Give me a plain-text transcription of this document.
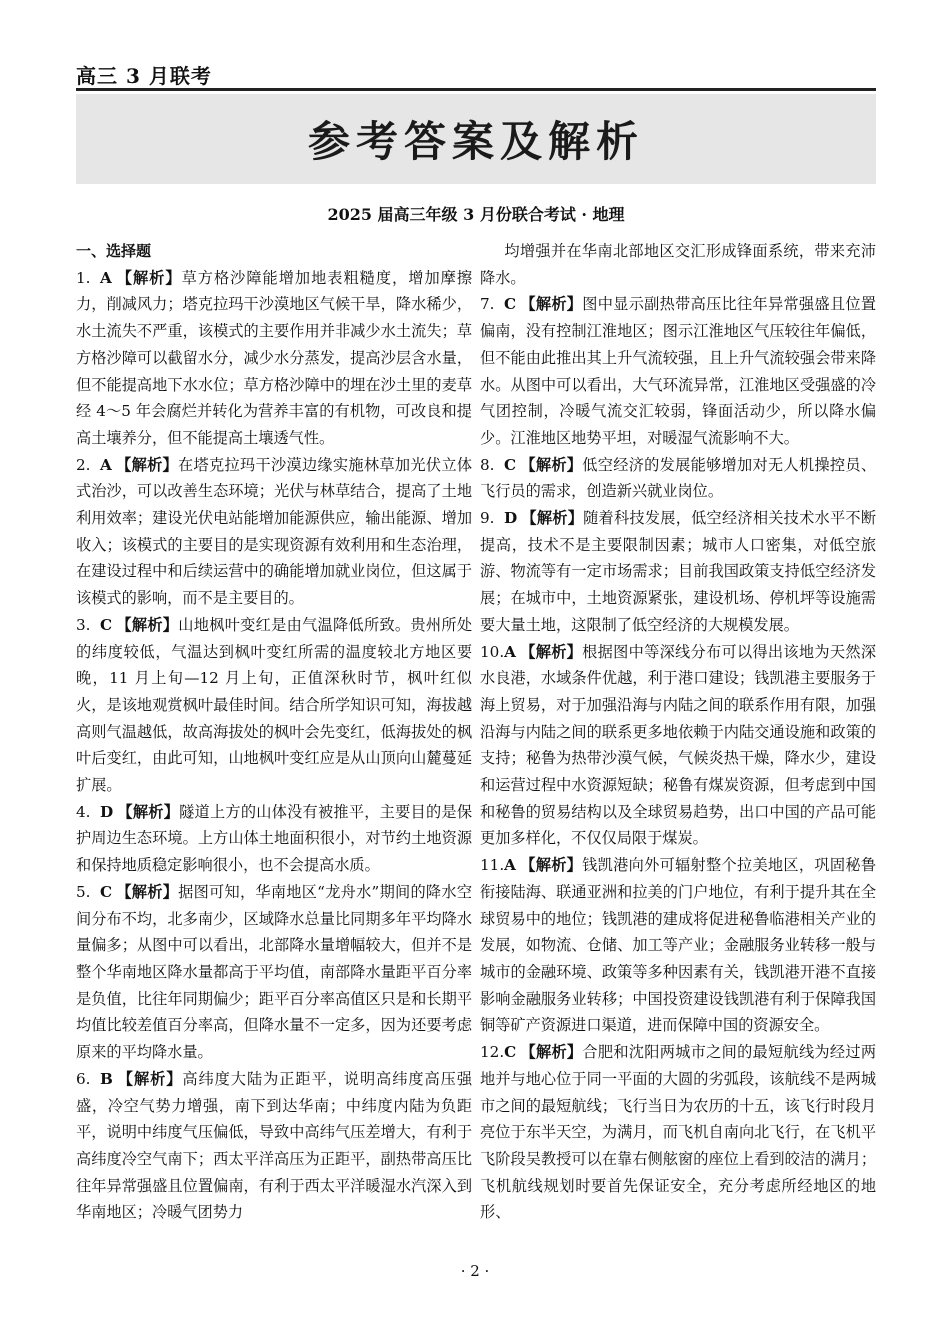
高三 3 月联考
参考答案及解析
2025 届高三年级 3 月份联合考试 · 地理
一、选择题
1. A 【解析】草方格沙障能增加地表粗糙度，增加摩擦力，削减风力；塔克拉玛干沙漠地区气候干旱，降水稀少，水土流失不严重，该模式的主要作用并非减少水土流失；草方格沙障可以截留水分，减少水分蒸发，提高沙层含水量，但不能提高地下水水位；草方格沙障中的埋在沙土里的麦草经 4～5 年会腐烂并转化为营养丰富的有机物，可改良和提高土壤养分，但不能提高土壤透气性。
2. A 【解析】在塔克拉玛干沙漠边缘实施林草加光伏立体式治沙，可以改善生态环境；光伏与林草结合，提高了土地利用效率；建设光伏电站能增加能源供应，输出能源、增加收入；该模式的主要目的是实现资源有效利用和生态治理，在建设过程中和后续运营中的确能增加就业岗位，但这属于该模式的影响，而不是主要目的。
3. C 【解析】山地枫叶变红是由气温降低所致。贵州所处的纬度较低，气温达到枫叶变红所需的温度较北方地区要晚，11 月上旬—12 月上旬，正值深秋时节，枫叶红似火，是该地观赏枫叶最佳时间。结合所学知识可知，海拔越高则气温越低，故高海拔处的枫叶会先变红，低海拔处的枫叶后变红，由此可知，山地枫叶变红应是从山顶向山麓蔓延扩展。
4. D 【解析】隧道上方的山体没有被推平，主要目的是保护周边生态环境。上方山体土地面积很小，对节约土地资源和保持地质稳定影响很小，也不会提高水质。
5. C 【解析】据图可知，华南地区“龙舟水”期间的降水空间分布不均，北多南少，区域降水总量比同期多年平均降水量偏多；从图中可以看出，北部降水量增幅较大，但并不是整个华南地区降水量都高于平均值，南部降水量距平百分率是负值，比往年同期偏少；距平百分率高值区只是和长期平均值比较差值百分率高，但降水量不一定多，因为还要考虑原来的平均降水量。
6. B 【解析】高纬度大陆为正距平，说明高纬度高压强盛，冷空气势力增强，南下到达华南；中纬度内陆为负距平，说明中纬度气压偏低，导致中高纬气压差增大，有利于高纬度冷空气南下；西太平洋高压为正距平，副热带高压比往年异常强盛且位置偏南，有利于西太平洋暖湿水汽深入到华南地区；冷暖气团势力
均增强并在华南北部地区交汇形成锋面系统，带来充沛降水。
7. C 【解析】图中显示副热带高压比往年异常强盛且位置偏南，没有控制江淮地区；图示江淮地区气压较往年偏低，但不能由此推出其上升气流较强，且上升气流较强会带来降水。从图中可以看出，大气环流异常，江淮地区受强盛的冷气团控制，冷暖气流交汇较弱，锋面活动少，所以降水偏少。江淮地区地势平坦，对暖湿气流影响不大。
8. C 【解析】低空经济的发展能够增加对无人机操控员、飞行员的需求，创造新兴就业岗位。
9. D 【解析】随着科技发展，低空经济相关技术水平不断提高，技术不是主要限制因素；城市人口密集，对低空旅游、物流等有一定市场需求；目前我国政策支持低空经济发展；在城市中，土地资源紧张，建设机场、停机坪等设施需要大量土地，这限制了低空经济的大规模发展。
10.A 【解析】根据图中等深线分布可以得出该地为天然深水良港，水域条件优越，利于港口建设；钱凯港主要服务于海上贸易，对于加强沿海与内陆之间的联系作用有限，加强沿海与内陆之间的联系更多地依赖于内陆交通设施和政策的支持；秘鲁为热带沙漠气候，气候炎热干燥，降水少，建设和运营过程中水资源短缺；秘鲁有煤炭资源，但考虑到中国和秘鲁的贸易结构以及全球贸易趋势，出口中国的产品可能更加多样化，不仅仅局限于煤炭。
11.A 【解析】钱凯港向外可辐射整个拉美地区，巩固秘鲁衔接陆海、联通亚洲和拉美的门户地位，有利于提升其在全球贸易中的地位；钱凯港的建成将促进秘鲁临港相关产业的发展，如物流、仓储、加工等产业；金融服务业转移一般与城市的金融环境、政策等多种因素有关，钱凯港开港不直接影响金融服务业转移；中国投资建设钱凯港有利于保障我国铜等矿产资源进口渠道，进而保障中国的资源安全。
12.C 【解析】合肥和沈阳两城市之间的最短航线为经过两地并与地心位于同一平面的大圆的劣弧段，该航线不是两城市之间的最短航线；飞行当日为农历的十五，该飞行时段月亮位于东半天空，为满月，而飞机自南向北飞行，在飞机平飞阶段吴教授可以在靠右侧舷窗的座位上看到皎洁的满月；飞机航线规划时要首先保证安全，充分考虑所经地区的地形、
· 2 ·
